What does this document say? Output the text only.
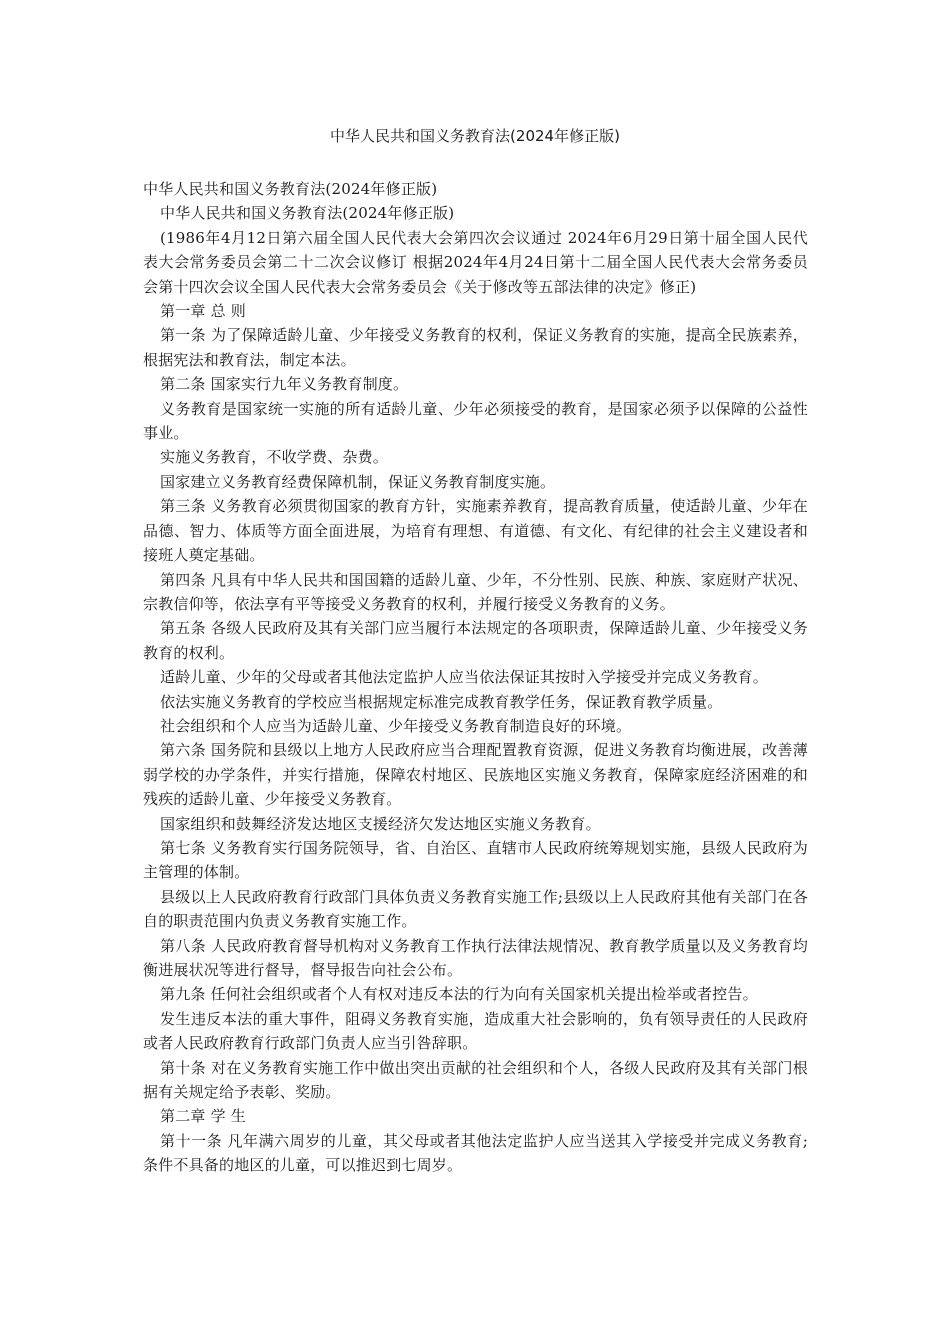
中华人民共和国义务教育法(2024年修正版)

中华人民共和国义务教育法(2024年修正版)

中华人民共和国义务教育法(2024年修正版)

(1986年4月12日第六届全国人民代表大会第四次会议通过 2024年6月29日第十届全国人民代表大会常务委员会第二十二次会议修订 根据2024年4月24日第十二届全国人民代表大会常务委员会第十四次会议全国人民代表大会常务委员会《关于修改等五部法律的决定》修正)

第一章 总 则

第一条 为了保障适龄儿童、少年接受义务教育的权利，保证义务教育的实施，提高全民族素养，根据宪法和教育法，制定本法。

第二条 国家实行九年义务教育制度。

义务教育是国家统一实施的所有适龄儿童、少年必须接受的教育，是国家必须予以保障的公益性事业。

实施义务教育，不收学费、杂费。

国家建立义务教育经费保障机制，保证义务教育制度实施。

第三条 义务教育必须贯彻国家的教育方针，实施素养教育，提高教育质量，使适龄儿童、少年在品德、智力、体质等方面全面进展，为培育有理想、有道德、有文化、有纪律的社会主义建设者和接班人奠定基础。

第四条 凡具有中华人民共和国国籍的适龄儿童、少年，不分性别、民族、种族、家庭财产状况、宗教信仰等，依法享有平等接受义务教育的权利，并履行接受义务教育的义务。

第五条 各级人民政府及其有关部门应当履行本法规定的各项职责，保障适龄儿童、少年接受义务教育的权利。

适龄儿童、少年的父母或者其他法定监护人应当依法保证其按时入学接受并完成义务教育。

依法实施义务教育的学校应当根据规定标准完成教育教学任务，保证教育教学质量。

社会组织和个人应当为适龄儿童、少年接受义务教育制造良好的环境。

第六条 国务院和县级以上地方人民政府应当合理配置教育资源，促进义务教育均衡进展，改善薄弱学校的办学条件，并实行措施，保障农村地区、民族地区实施义务教育，保障家庭经济困难的和残疾的适龄儿童、少年接受义务教育。

国家组织和鼓舞经济发达地区支援经济欠发达地区实施义务教育。

第七条 义务教育实行国务院领导，省、自治区、直辖市人民政府统筹规划实施，县级人民政府为主管理的体制。

县级以上人民政府教育行政部门具体负责义务教育实施工作;县级以上人民政府其他有关部门在各自的职责范围内负责义务教育实施工作。

第八条 人民政府教育督导机构对义务教育工作执行法律法规情况、教育教学质量以及义务教育均衡进展状况等进行督导，督导报告向社会公布。

第九条 任何社会组织或者个人有权对违反本法的行为向有关国家机关提出检举或者控告。

发生违反本法的重大事件，阻碍义务教育实施，造成重大社会影响的，负有领导责任的人民政府或者人民政府教育行政部门负责人应当引咎辞职。

第十条 对在义务教育实施工作中做出突出贡献的社会组织和个人，各级人民政府及其有关部门根据有关规定给予表彰、奖励。

第二章 学 生

第十一条 凡年满六周岁的儿童，其父母或者其他法定监护人应当送其入学接受并完成义务教育;条件不具备的地区的儿童，可以推迟到七周岁。
